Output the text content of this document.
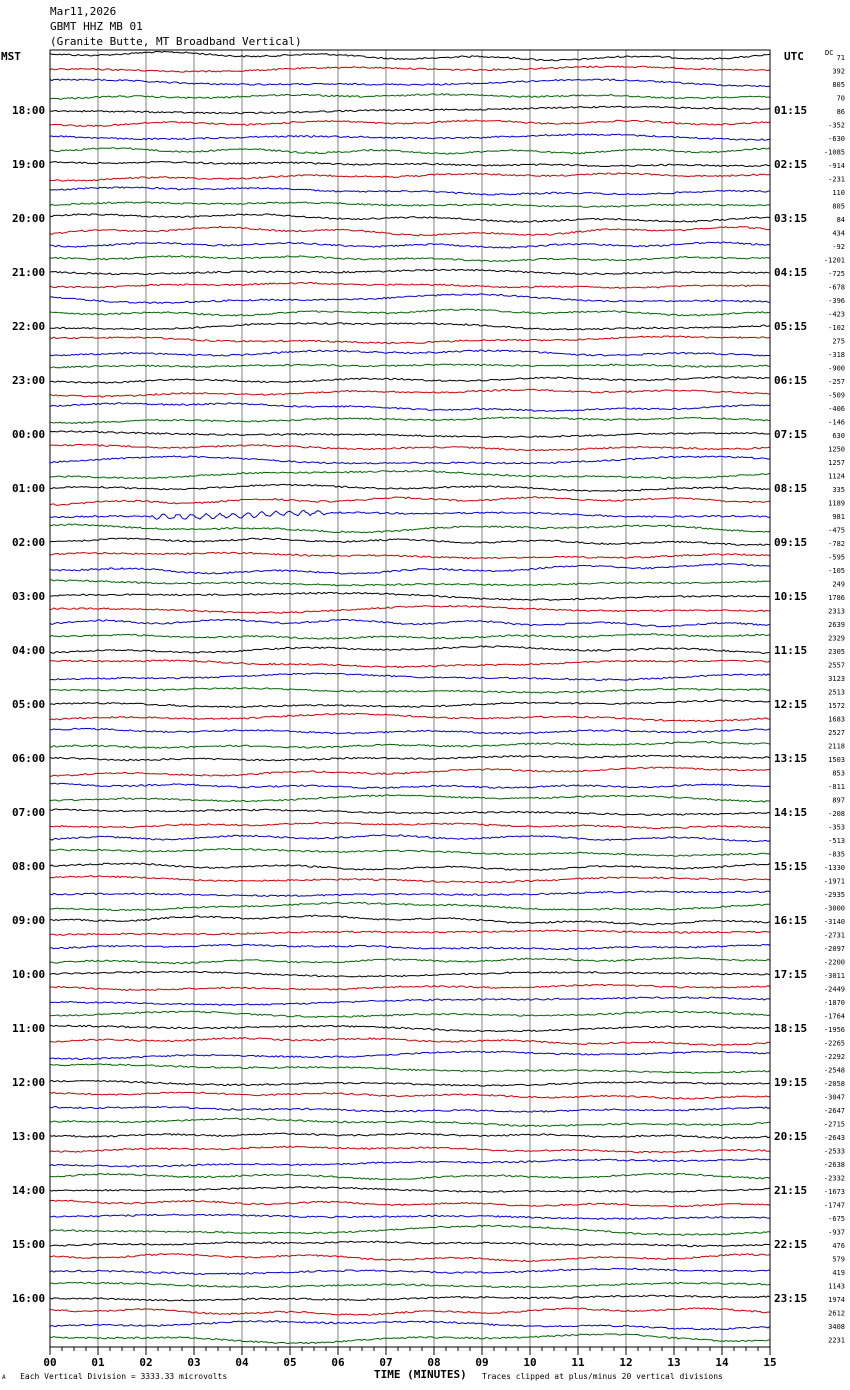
Mar11,2026
GBMT HHZ MB 01
(Granite Butte, MT Broadband Vertical)
MST	UTC	DC
00	01	02	03	04	05	06	07	08	09	10	11	12	13	14	15
71
392
805
70
86
-352
-630
-1085
-914
-231
110
805
84
434
-92
-1201
-725
-678
-396
-423
-102
275
-318
-900
-257
-509
-406
-146
630
1250
1257
1124
335
1189
981
-475
-782
-595
-105
249
1786
2313
2639
2329
2305
2557
3123
2513
1572
1683
2527
2118
1503
853
-811
897
-208
-353
-513
-835
-1330
-1971
-2935
-3000
-3140
-2731
-2097
-2200
-3011
-2449
-1870
-1764
-1956
-2265
-2292
-2548
-2058
-3047
-2647
-2715
-2643
-2533
-2638
-2332
-1673
-1747
-675
-937
476
579
419
1143
1974
2612
3408
2231
18:00
19:00
20:00
21:00
22:00
23:00
00:00
01:00
02:00
03:00
04:00
05:00
06:00
07:00
08:00
09:00
10:00
11:00
12:00
13:00
14:00
15:00
16:00
01:15
02:15
03:15
04:15
05:15
06:15
07:15
08:15
09:15
10:15
11:15
12:15
13:15
14:15
15:15
16:15
17:15
18:15
19:15
20:15
21:15
22:15
23:15
A Each Vertical Division = 3333.33 microvolts	TIME (MINUTES) Traces clipped at plus/minus 20 vertical divisions
